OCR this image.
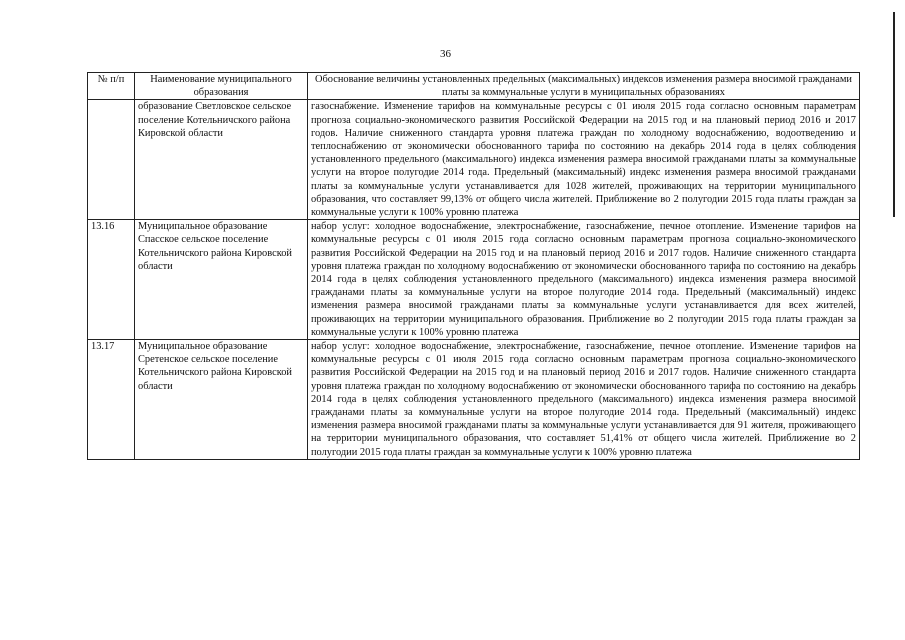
36
№ п/п	Наименование муниципального образования	Обоснование величины установленных предельных (максимальных) индексов изменения размера вносимой гражданами платы за коммунальные услуги в муниципальных образованиях
	образование Светловское сельское поселение Котельничского района Кировской области	газоснабжение. Изменение тарифов на коммунальные ресурсы с 01 июля 2015 года согласно основным параметрам прогноза социально-экономического развития Российской Федерации на 2015 год и на плановый период 2016 и 2017 годов. Наличие сниженного стандарта уровня платежа граждан по холодному водоснабжению, водоотведению и теплоснабжению от экономически обоснованного тарифа по состоянию на декабрь 2014 года в целях соблюдения установленного предельного (максимального) индекса изменения размера вносимой гражданами платы за коммунальные услуги на второе полугодие 2014 года. Предельный (максимальный) индекс изменения размера вносимой гражданами платы за коммунальные услуги устанавливается для 1028 жителей, проживающих на территории муниципального образования, что составляет 99,13% от общего числа жителей. Приближение во 2 полугодии 2015 года платы граждан за коммунальные услуги к 100% уровню платежа
13.16	Муниципальное образование Спасское сельское поселение Котельничского района Кировской области	набор услуг: холодное водоснабжение, электроснабжение, газоснабжение, печное отопление. Изменение тарифов на коммунальные ресурсы с 01 июля 2015 года согласно основным параметрам прогноза социально-экономического развития Российской Федерации на 2015 год и на плановый период 2016 и 2017 годов. Наличие сниженного стандарта уровня платежа граждан по холодному водоснабжению от экономически обоснованного тарифа по состоянию на декабрь 2014 года в целях соблюдения установленного предельного (максимального) индекса изменения размера вносимой гражданами платы за коммунальные услуги на второе полугодие 2014 года. Предельный (максимальный) индекс изменения размера вносимой гражданами платы за коммунальные услуги устанавливается для всех жителей, проживающих на территории муниципального образования. Приближение во 2 полугодии 2015 года платы граждан за коммунальные услуги к 100% уровню платежа
13.17	Муниципальное образование Сретенское сельское поселение Котельничского района Кировской области	набор услуг: холодное водоснабжение, электроснабжение, газоснабжение, печное отопление. Изменение тарифов на коммунальные ресурсы с 01 июля 2015 года согласно основным параметрам прогноза социально-экономического развития Российской Федерации на 2015 год и на плановый период 2016 и 2017 годов. Наличие сниженного стандарта уровня платежа граждан по холодному водоснабжению от экономически обоснованного тарифа по состоянию на декабрь 2014 года в целях соблюдения установленного предельного (максимального) индекса изменения размера вносимой гражданами платы за коммунальные услуги на второе полугодие 2014 года. Предельный (максимальный) индекс изменения размера вносимой гражданами платы за коммунальные услуги устанавливается для 91 жителя, проживающего на территории муниципального образования, что составляет 51,41% от общего числа жителей. Приближение во 2 полугодии 2015 года платы граждан за коммунальные услуги к 100% уровню платежа
